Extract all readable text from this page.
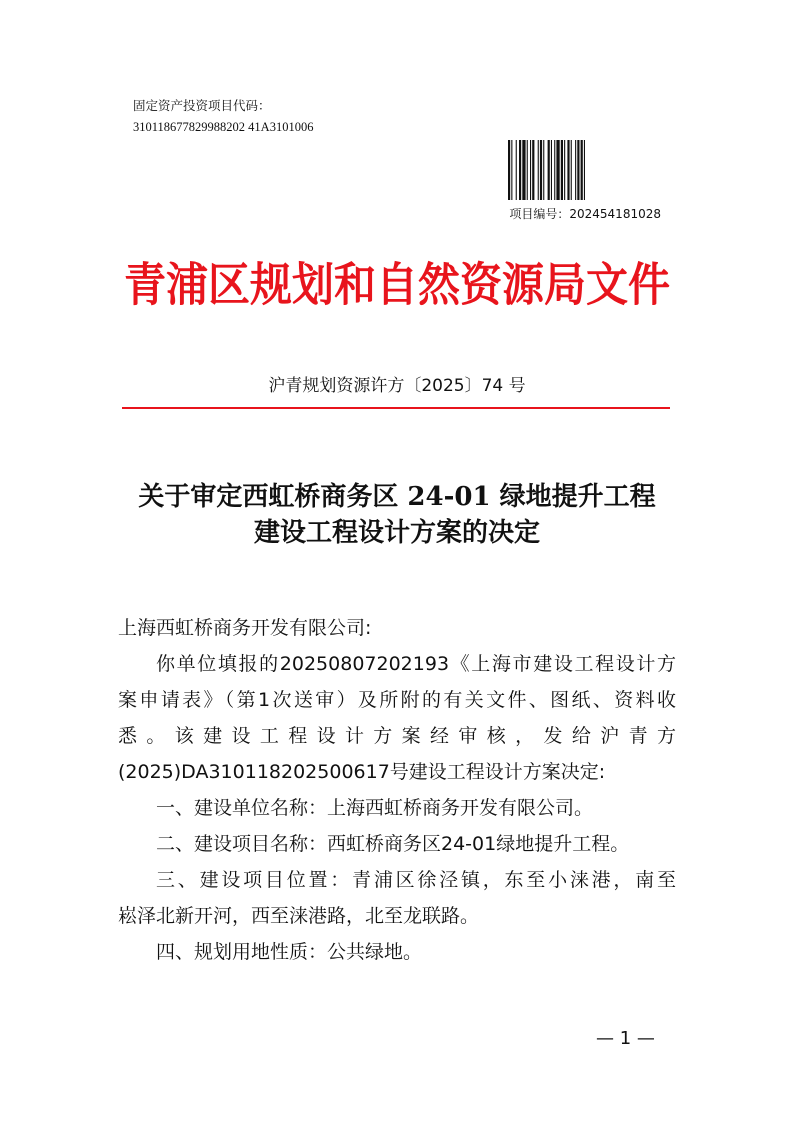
固定资产投资项目代码：
310118677829988202 41A3101006
项目编号：202454181028
青浦区规划和自然资源局文件
沪青规划资源许方〔2025〕74 号
关于审定西虹桥商务区 24-01 绿地提升工程
建设工程设计方案的决定

上海西虹桥商务开发有限公司:

你单位填报的20250807202193《上海市建设工程设计方

案申请表》（第1次送审）及所附的有关文件、图纸、资料收

悉。该建设工程设计方案经审核，发给沪青方

(2025)DA310118202500617号建设工程设计方案决定:

一、建设单位名称：上海西虹桥商务开发有限公司。

二、建设项目名称：西虹桥商务区24-01绿地提升工程。

三、建设项目位置：青浦区徐泾镇，东至小涞港，南至

崧泽北新开河，西至涞港路，北至龙联路。

四、规划用地性质：公共绿地。

— 1 —
